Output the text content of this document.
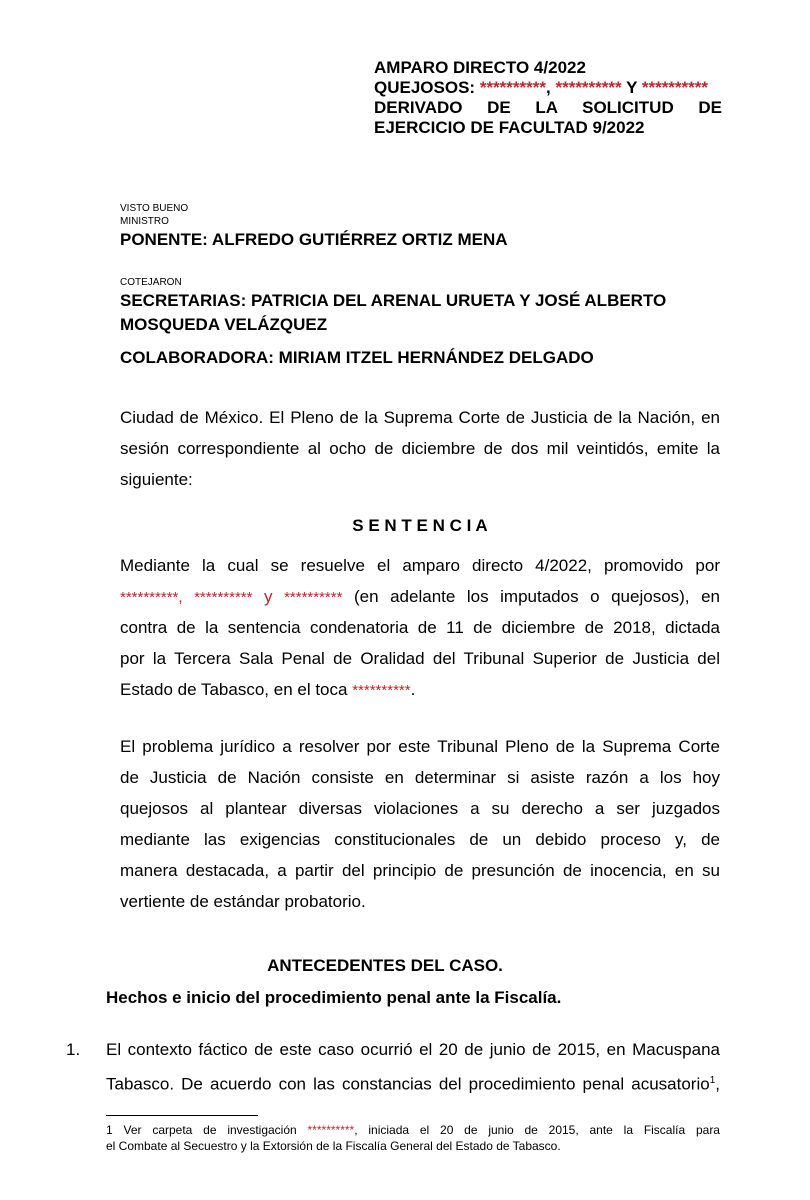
AMPARO DIRECTO 4/2022
QUEJOSOS: **********, ********** Y **********
DERIVADO DE LA SOLICITUD DE
EJERCICIO DE FACULTAD 9/2022
VISTO BUENO
MINISTRO
PONENTE: ALFREDO GUTIÉRREZ ORTIZ MENA
COTEJARON
SECRETARIAS: PATRICIA DEL ARENAL URUETA Y JOSÉ ALBERTO
MOSQUEDA VELÁZQUEZ
COLABORADORA: MIRIAM ITZEL HERNÁNDEZ DELGADO
Ciudad de México. El Pleno de la Suprema Corte de Justicia de la Nación, en
sesión correspondiente al ocho de diciembre de dos mil veintidós, emite la
siguiente:
S E N T E N C I A
Mediante la cual se resuelve el amparo directo 4/2022, promovido por
**********, ********** y ********** (en adelante los imputados o quejosos), en
contra de la sentencia condenatoria de 11 de diciembre de 2018, dictada
por la Tercera Sala Penal de Oralidad del Tribunal Superior de Justicia del
Estado de Tabasco, en el toca **********.
El problema jurídico a resolver por este Tribunal Pleno de la Suprema Corte
de Justicia de Nación consiste en determinar si asiste razón a los hoy
quejosos al plantear diversas violaciones a su derecho a ser juzgados
mediante las exigencias constitucionales de un debido proceso y, de
manera destacada, a partir del principio de presunción de inocencia, en su
vertiente de estándar probatorio.
ANTECEDENTES DEL CASO.
Hechos e inicio del procedimiento penal ante la Fiscalía.
1. El contexto fáctico de este caso ocurrió el 20 de junio de 2015, en Macuspana
Tabasco. De acuerdo con las constancias del procedimiento penal acusatorio$^1$,
1 Ver carpeta de investigación **********, iniciada el 20 de junio de 2015, ante la Fiscalía para
el Combate al Secuestro y la Extorsión de la Fiscalía General del Estado de Tabasco.
